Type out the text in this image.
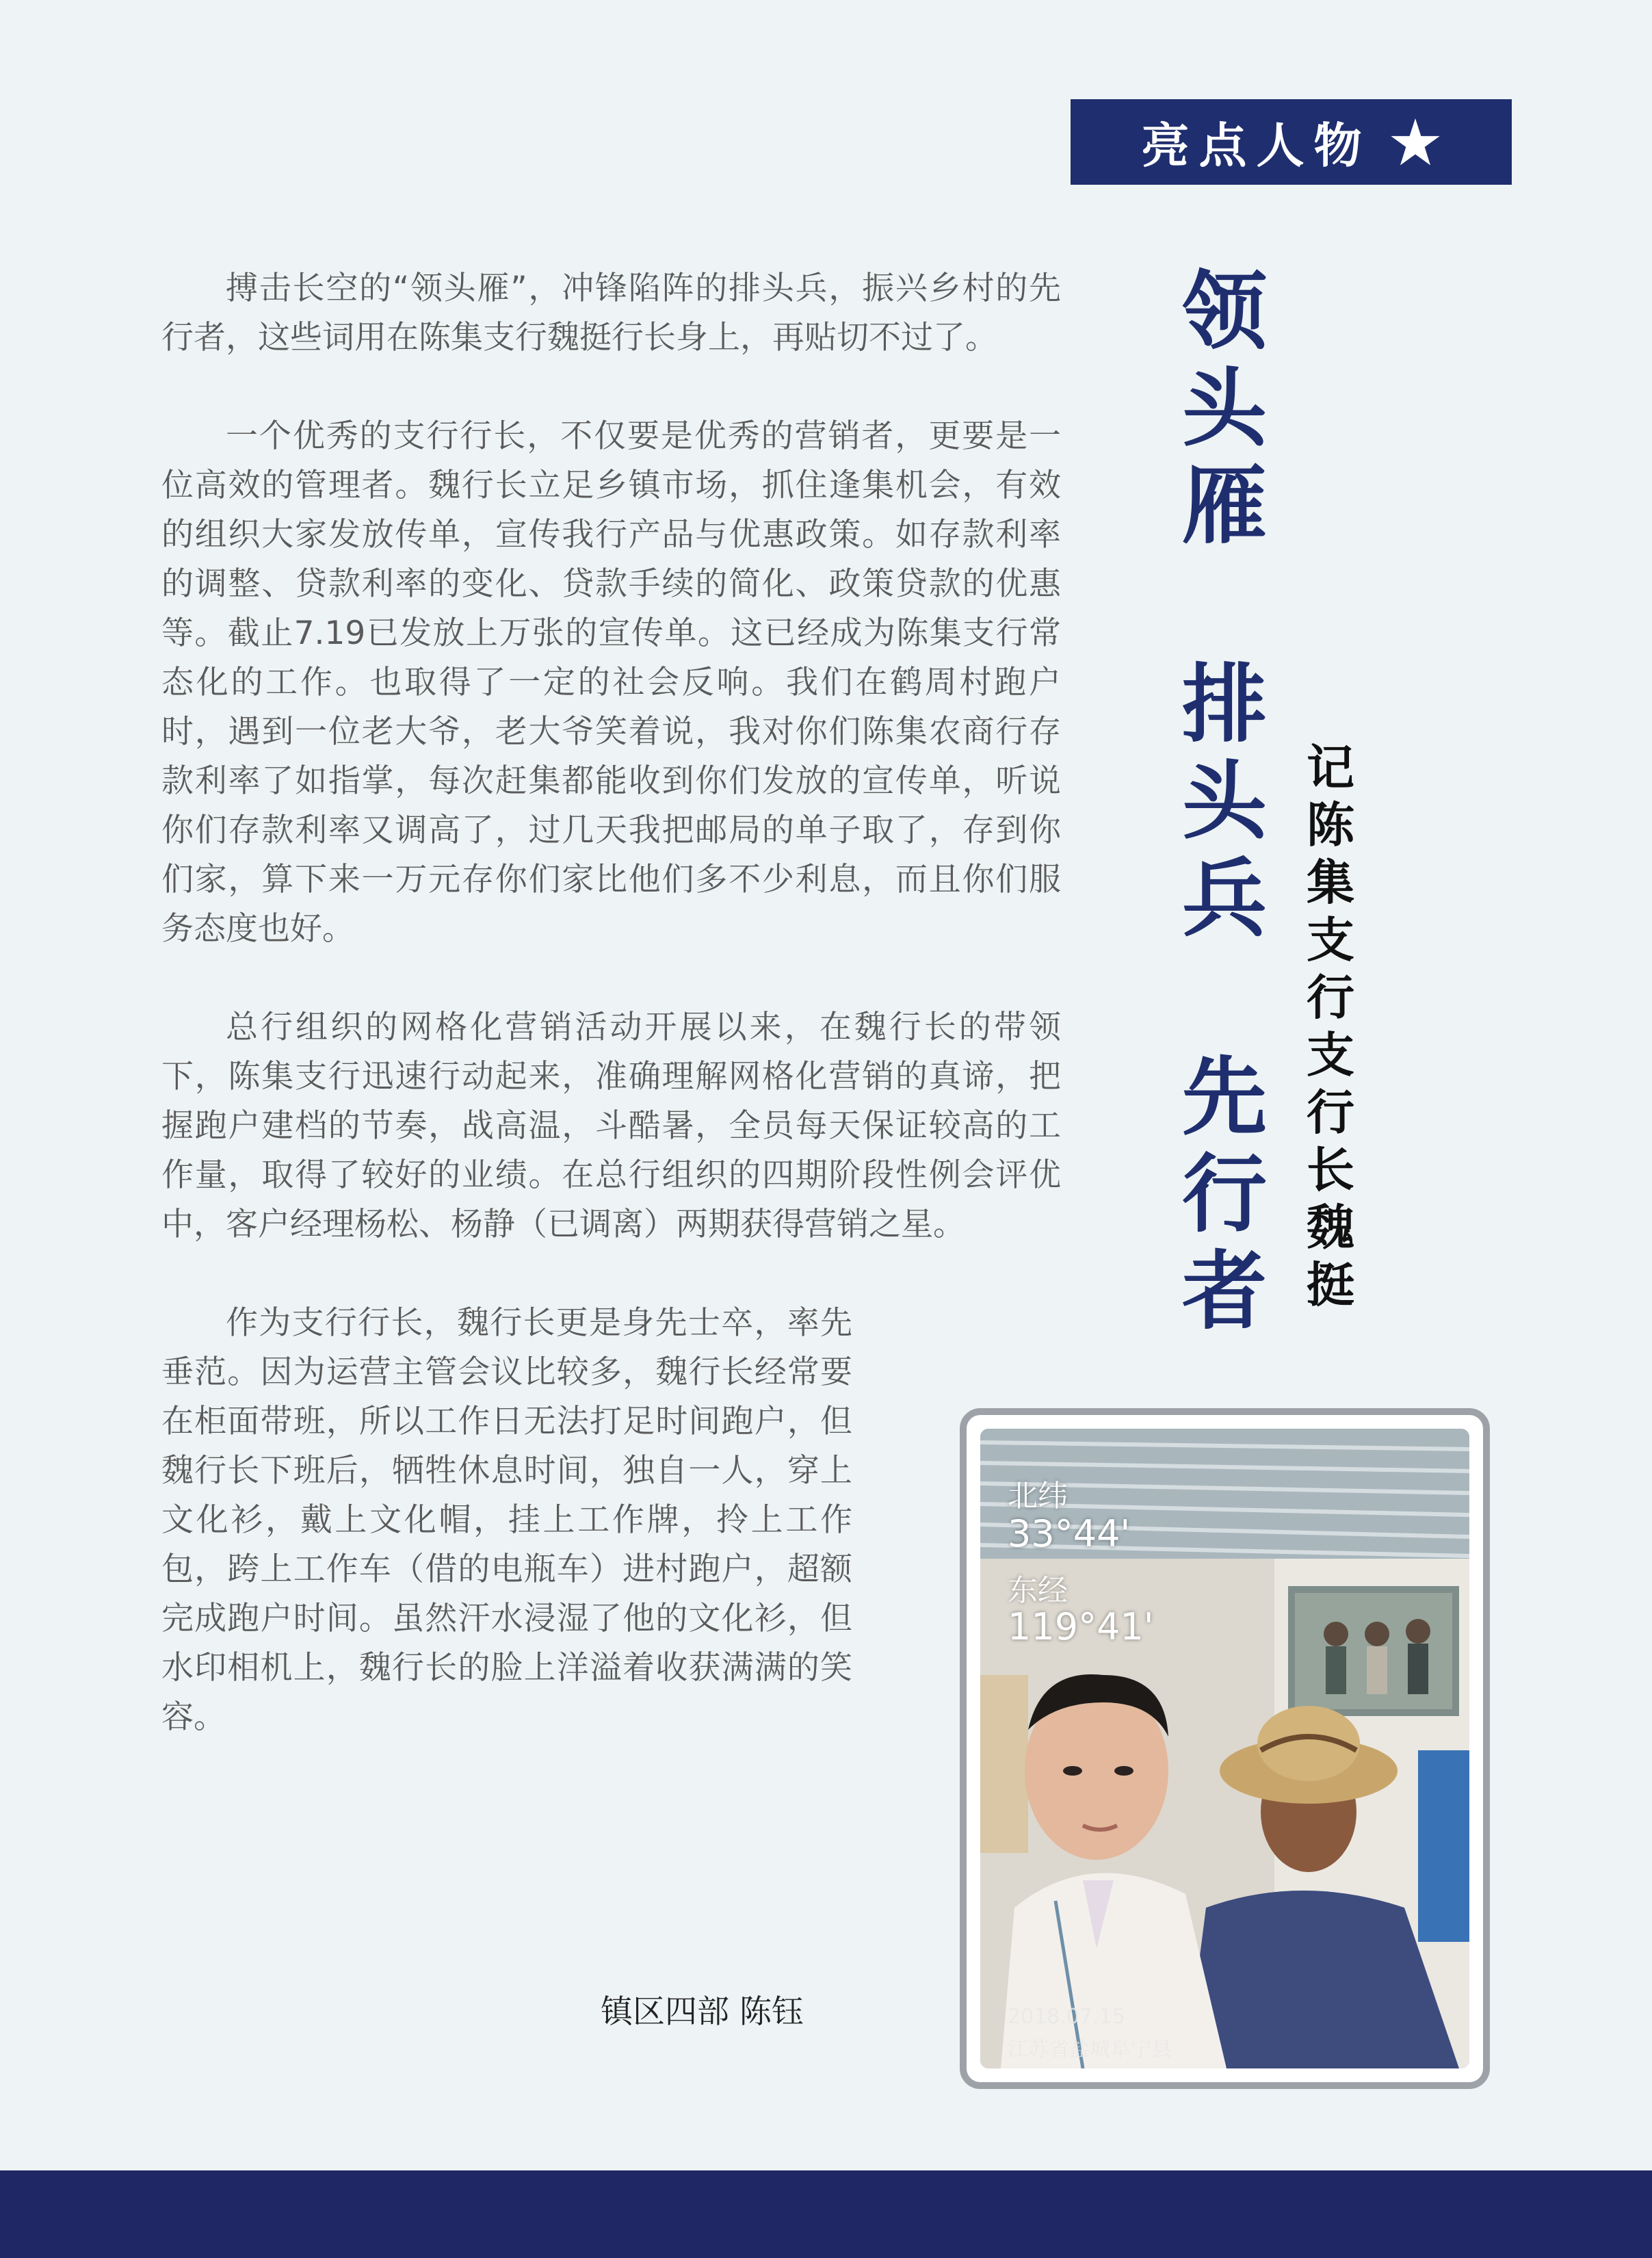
亮点人物

搏击长空的“领头雁”，冲锋陷阵的排头兵，振兴乡村的先行者，这些词用在陈集支行魏挺行长身上，再贴切不过了。

一个优秀的支行行长，不仅要是优秀的营销者，更要是一位高效的管理者。魏行长立足乡镇市场，抓住逢集机会，有效的组织大家发放传单，宣传我行产品与优惠政策。如存款利率的调整、贷款利率的变化、贷款手续的简化、政策贷款的优惠等。截止7.19已发放上万张的宣传单。这已经成为陈集支行常态化的工作。也取得了一定的社会反响。我们在鹤周村跑户时，遇到一位老大爷，老大爷笑着说，我对你们陈集农商行存款利率了如指掌，每次赶集都能收到你们发放的宣传单，听说你们存款利率又调高了，过几天我把邮局的单子取了，存到你们家，算下来一万元存你们家比他们多不少利息，而且你们服务态度也好。

总行组织的网格化营销活动开展以来，在魏行长的带领下，陈集支行迅速行动起来，准确理解网格化营销的真谛，把握跑户建档的节奏，战高温，斗酷暑，全员每天保证较高的工作量，取得了较好的业绩。在总行组织的四期阶段性例会评优中，客户经理杨松、杨静（已调离）两期获得营销之星。

作为支行行长，魏行长更是身先士卒，率先垂范。因为运营主管会议比较多，魏行长经常要在柜面带班，所以工作日无法打足时间跑户，但魏行长下班后，牺牲休息时间，独自一人，穿上文化衫，戴上文化帽，挂上工作牌，拎上工作包，跨上工作车（借的电瓶车）进村跑户，超额完成跑户时间。虽然汗水浸湿了他的文化衫，但水印相机上，魏行长的脸上洋溢着收获满满的笑容。

镇区四部 陈钰
领
头
雁
排
头
兵
先
行
者
记
陈
集
支
行
支
行
长
魏
挺
北纬
33°44'
东经
119°41'
2018.07.15
江苏省盐城阜宁县
